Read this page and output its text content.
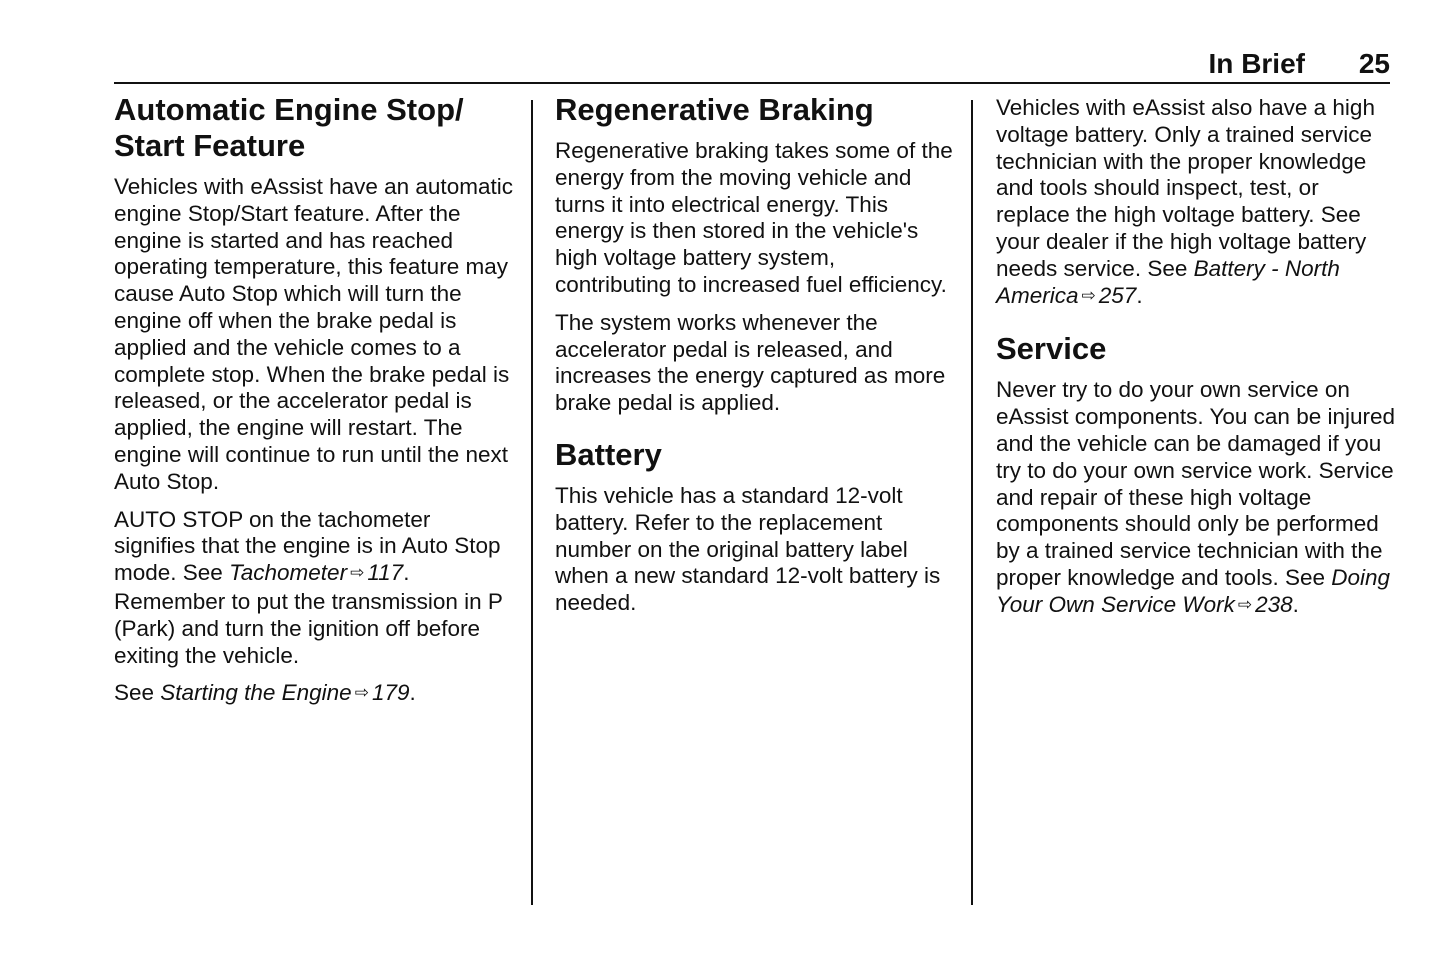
In Brief 25
Automatic Engine Stop/ Start Feature

Vehicles with eAssist have an automatic engine Stop/Start feature. After the engine is started and has reached operating temperature, this feature may cause Auto Stop which will turn the engine off when the brake pedal is applied and the vehicle comes to a complete stop. When the brake pedal is released, or the accelerator pedal is applied, the engine will restart. The engine will continue to run until the next Auto Stop.

AUTO STOP on the tachometer signifies that the engine is in Auto Stop mode. See Tachometer ⇨ 117. Remember to put the transmission in P (Park) and turn the ignition off before exiting the vehicle.

See Starting the Engine ⇨ 179.

Regenerative Braking

Regenerative braking takes some of the energy from the moving vehicle and turns it into electrical energy. This energy is then stored in the vehicle's high voltage battery system, contributing to increased fuel efficiency.

The system works whenever the accelerator pedal is released, and increases the energy captured as more brake pedal is applied.

Battery

This vehicle has a standard 12-volt battery. Refer to the replacement number on the original battery label when a new standard 12-volt battery is needed.

Vehicles with eAssist also have a high voltage battery. Only a trained service technician with the proper knowledge and tools should inspect, test, or replace the high voltage battery. See your dealer if the high voltage battery needs service. See Battery - North America ⇨ 257.

Service

Never try to do your own service on eAssist components. You can be injured and the vehicle can be damaged if you try to do your own service work. Service and repair of these high voltage components should only be performed by a trained service technician with the proper knowledge and tools. See Doing Your Own Service Work ⇨ 238.
